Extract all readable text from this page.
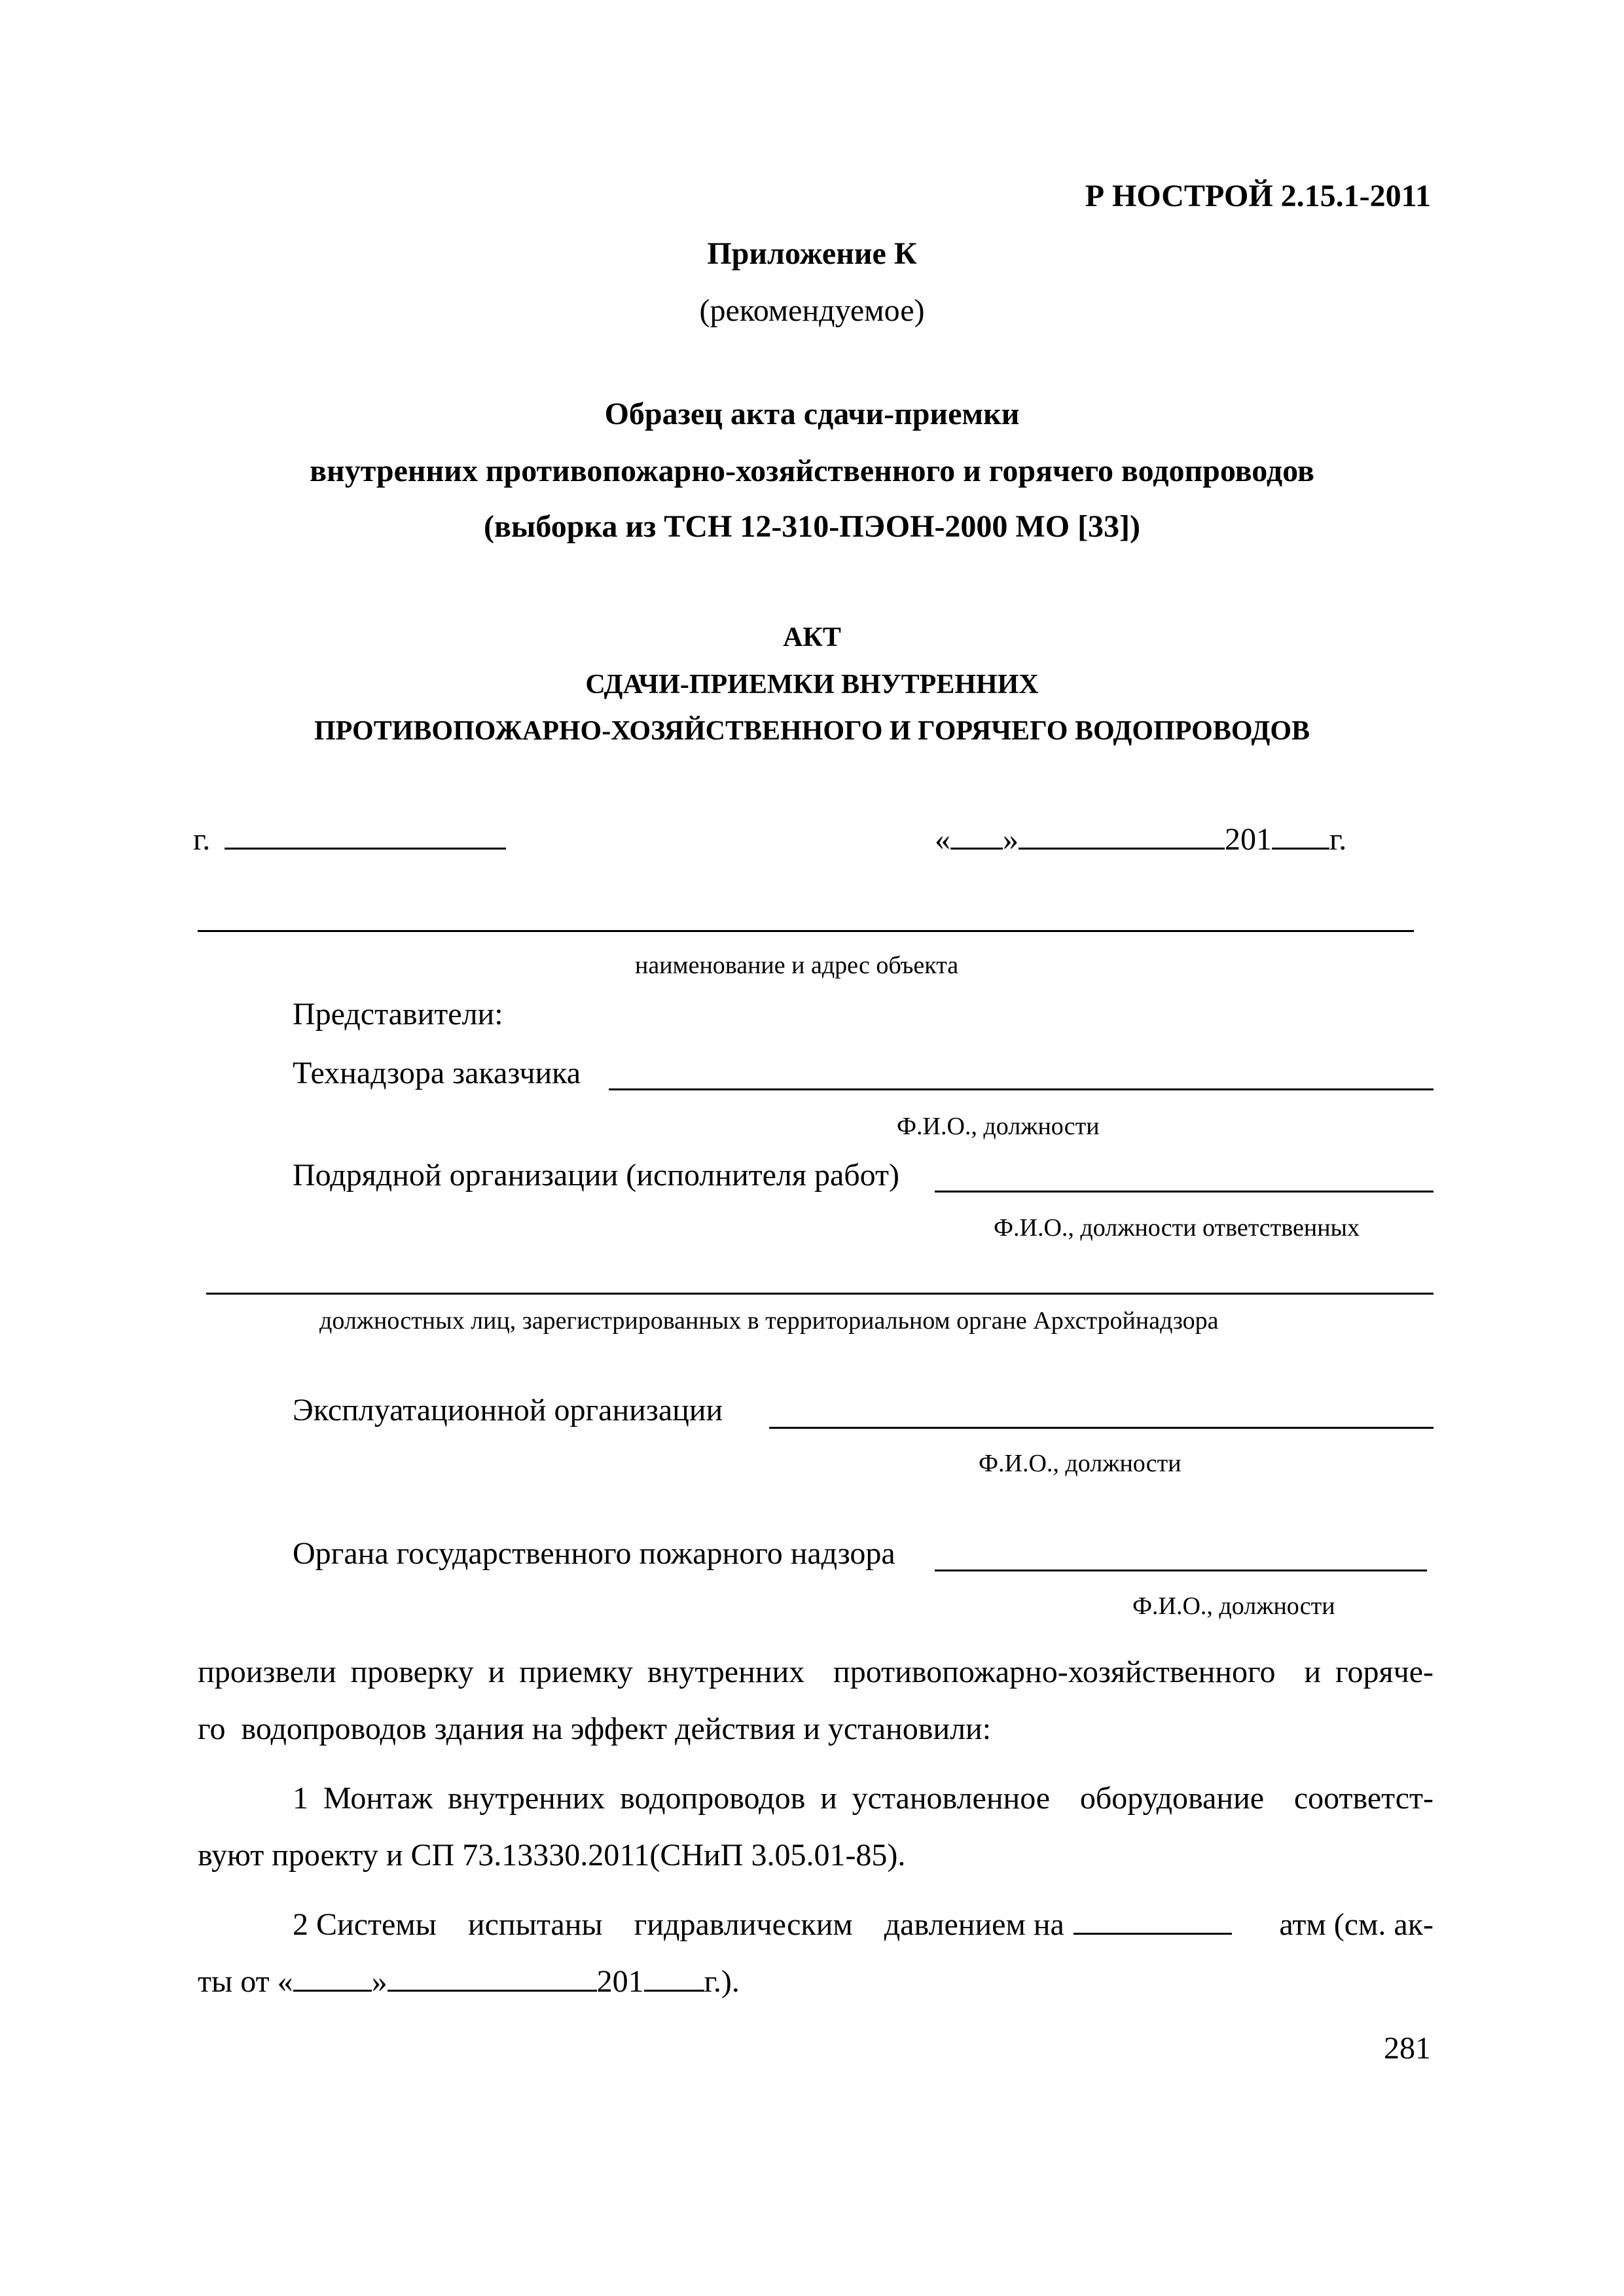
Р НОСТРОЙ 2.15.1-2011
Приложение К
(рекомендуемое)
Образец акта сдачи-приемки
внутренних противопожарно-хозяйственного и горячего водопроводов
(выборка из ТСН 12-310-ПЭОН-2000 МО [33])
АКТ
СДАЧИ-ПРИЕМКИ ВНУТРЕННИХ
ПРОТИВОПОЖАРНО-ХОЗЯЙСТВЕННОГО И ГОРЯЧЕГО ВОДОПРОВОДОВ
г.	« »	201 г.
наименование и адрес объекта
Представители:
Технадзора заказчика
Ф.И.О., должности
Подрядной организации (исполнителя работ)
Ф.И.О., должности ответственных
должностных лиц, зарегистрированных в территориальном органе Архстройнадзора
Эксплуатационной организации
Ф.И.О., должности
Органа государственного пожарного надзора
Ф.И.О., должности
произвели проверку и приемку внутренних  противопожарно-хозяйственного  и горяче-
го  водопроводов здания на эффект действия и установили:
1 Монтаж внутренних водопроводов и установленное  оборудование  соответст-
вуют проекту и СП 73.13330.2011(СНиП 3.05.01-85).
2 Системы    испытаны    гидравлическим    давлением на	атм (см. ак-
ты от «	»	201 г.).
281
